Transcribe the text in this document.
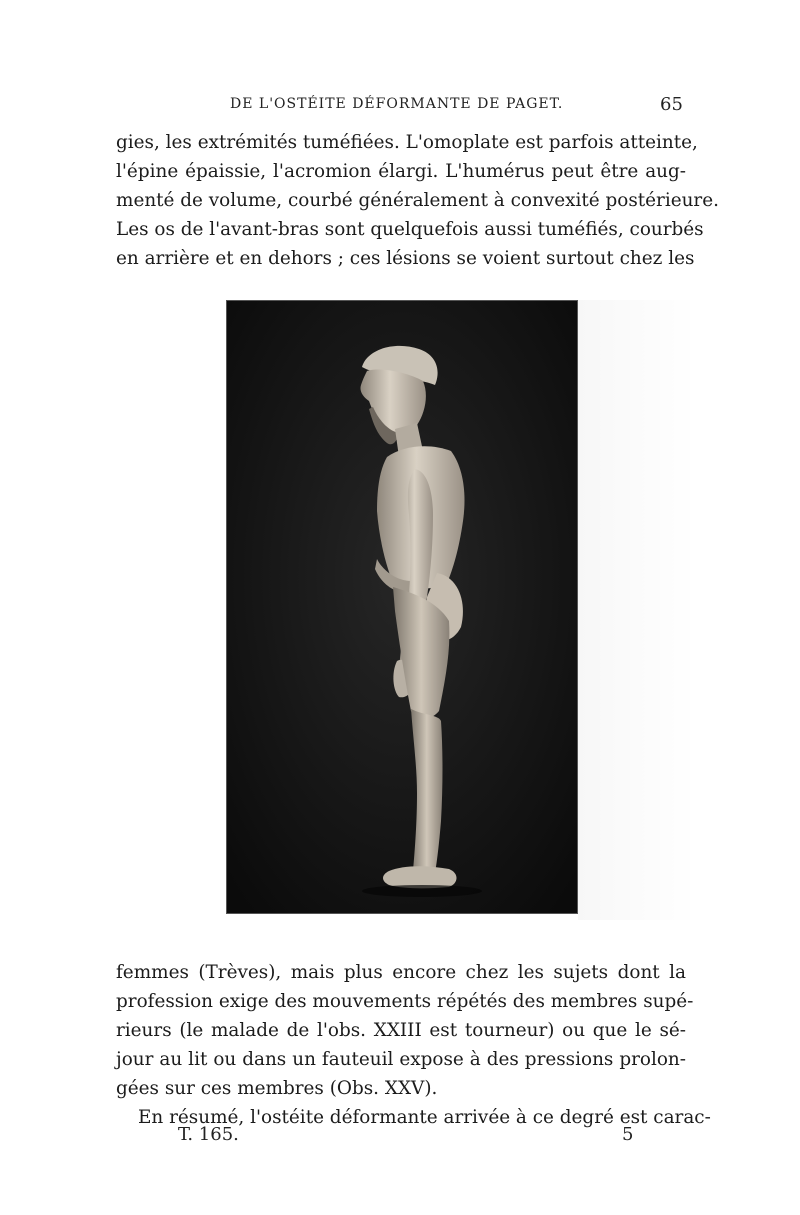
DE L'OSTÉITE DÉFORMANTE DE PAGET.	65
gies, les extrémités tuméfiées. L'omoplate est parfois atteinte,
l'épine épaissie, l'acromion élargi. L'humérus peut être aug-
menté de volume, courbé généralement à convexité postérieure.
Les os de l'avant-bras sont quelquefois aussi tuméfiés, courbés
en arrière et en dehors ; ces lésions se voient surtout chez les
femmes (Trèves), mais plus encore chez les sujets dont la
profession exige des mouvements répétés des membres supé-
rieurs (le malade de l'obs. XXIII est tourneur) ou que le sé-
jour au lit ou dans un fauteuil expose à des pressions prolon-
gées sur ces membres (Obs. XXV).
En résumé, l'ostéite déformante arrivée à ce degré est carac-
T. 165.	5
